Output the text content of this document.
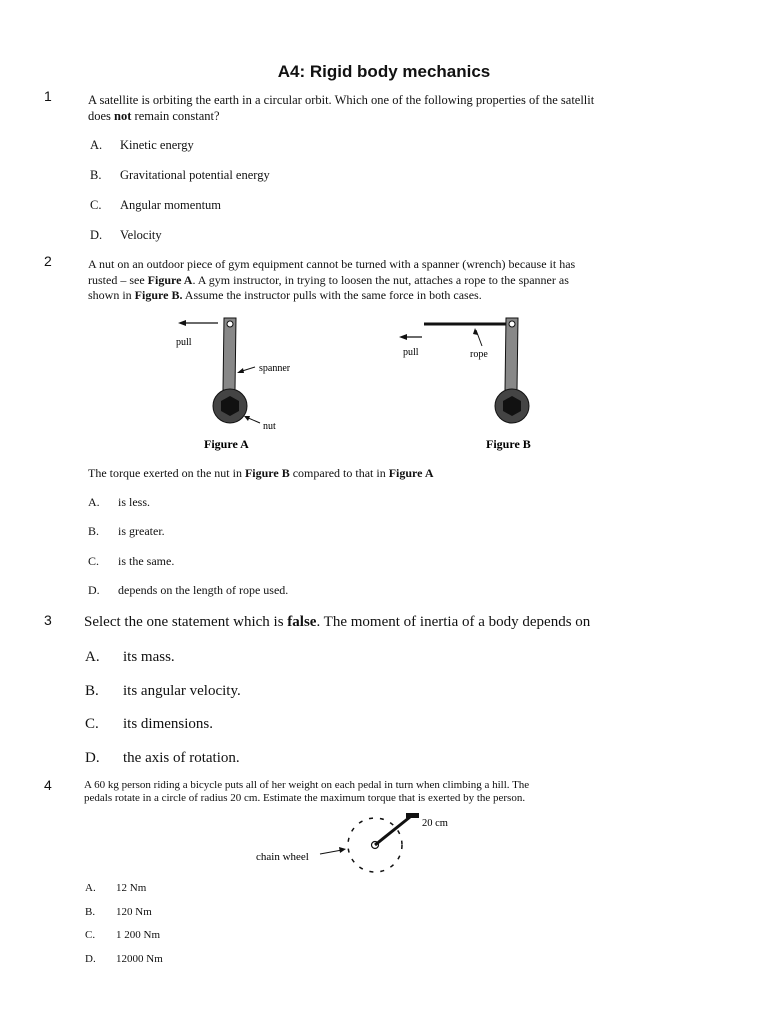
A4: Rigid body mechanics
1	A satellite is orbiting the earth in a circular orbit. Which one of the following properties of the satellit
does not remain constant?
A. Kinetic energy
B. Gravitational potential energy
C. Angular momentum
D. Velocity
2	A nut on an outdoor piece of gym equipment cannot be turned with a spanner (wrench) because it has
rusted – see Figure A. A gym instructor, in trying to loosen the nut, attaches a rope to the spanner as
shown in Figure B. Assume the instructor pulls with the same force in both cases.
pull
spanner
nut
Figure A
pull	rope
Figure B
The torque exerted on the nut in Figure B compared to that in Figure A
A. is less.
B. is greater.
C. is the same.
D. depends on the length of rope used.
3 Select the one statement which is false. The moment of inertia of a body depends on
A. its mass.
B. its angular velocity.
C. its dimensions.
D. the axis of rotation.
4	A 60 kg person riding a bicycle puts all of her weight on each pedal in turn when climbing a hill. The
pedals rotate in a circle of radius 20 cm. Estimate the maximum torque that is exerted by the person.
20 cm
chain wheel
A. 12 Nm
B. 120 Nm
C. 1 200 Nm
D. 12000 Nm
